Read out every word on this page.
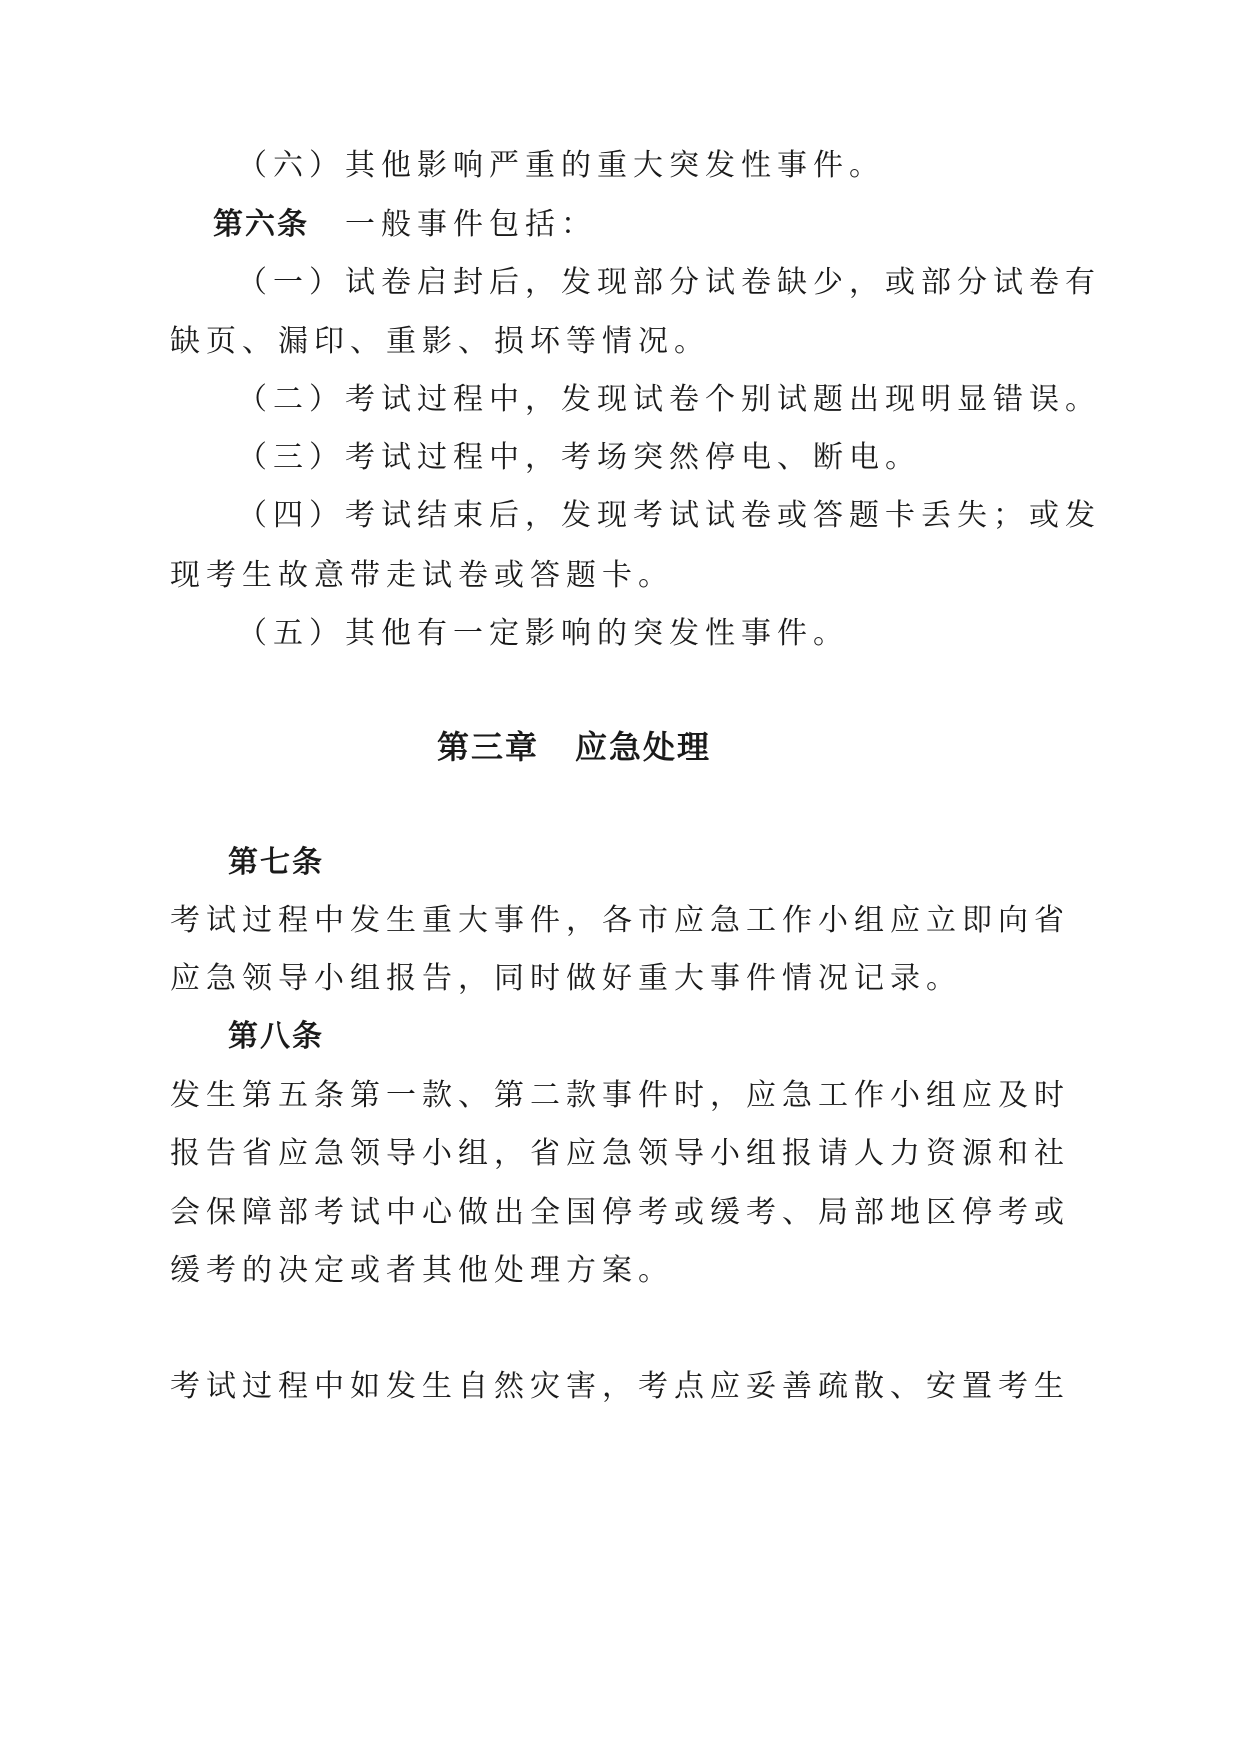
（六）其他影响严重的重大突发性事件。
第六条 一般事件包括：
（一）试卷启封后，发现部分试卷缺少，或部分试卷有
缺页、漏印、重影、损坏等情况。
（二）考试过程中，发现试卷个别试题出现明显错误。
（三）考试过程中，考场突然停电、断电。
（四）考试结束后，发现考试试卷或答题卡丢失；或发
现考生故意带走试卷或答题卡。
（五）其他有一定影响的突发性事件。
第三章 应急处理
第七条
考试过程中发生重大事件，各市应急工作小组应立即向省
应急领导小组报告，同时做好重大事件情况记录。
第八条
发生第五条第一款、第二款事件时，应急工作小组应及时
报告省应急领导小组，省应急领导小组报请人力资源和社
会保障部考试中心做出全国停考或缓考、局部地区停考或
缓考的决定或者其他处理方案。
考试过程中如发生自然灾害，考点应妥善疏散、安置考生
